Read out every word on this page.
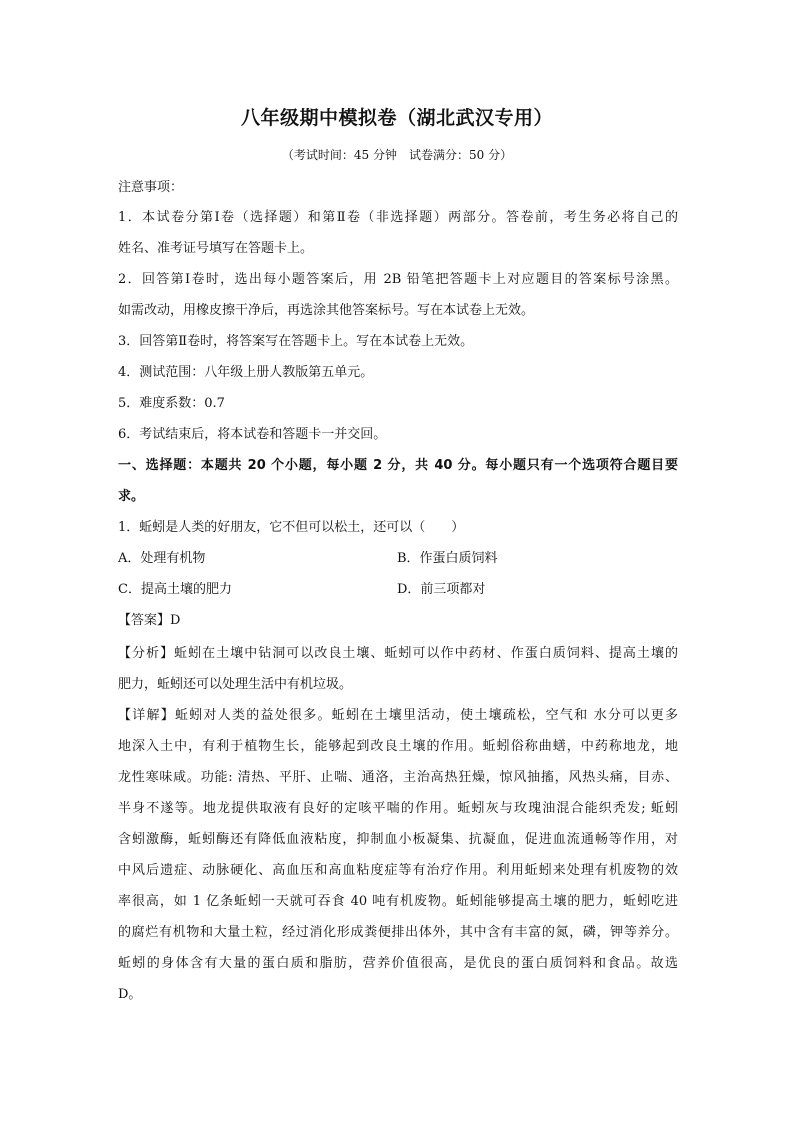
八年级期中模拟卷（湖北武汉专用）
（考试时间：45 分钟　试卷满分：50 分）
注意事项：
1．本试卷分第Ⅰ卷（选择题）和第Ⅱ卷（非选择题）两部分。答卷前，考生务必将自己的
姓名、准考证号填写在答题卡上。
2．回答第Ⅰ卷时，选出每小题答案后，用 2B 铅笔把答题卡上对应题目的答案标号涂黑。
如需改动，用橡皮擦干净后，再选涂其他答案标号。写在本试卷上无效。
3．回答第Ⅱ卷时，将答案写在答题卡上。写在本试卷上无效。
4．测试范围：八年级上册人教版第五单元。
5．难度系数：0.7
6．考试结束后，将本试卷和答题卡一并交回。
一、选择题：本题共 20 个小题，每小题 2 分，共 40 分。每小题只有一个选项符合题目要
求。
1．蚯蚓是人类的好朋友，它不但可以松土，还可以（　　）
A．处理有机物	B．作蛋白质饲料
C．提高土壤的肥力	D．前三项都对
【答案】D
【分析】蚯蚓在土壤中钻洞可以改良土壤、蚯蚓可以作中药材、作蛋白质饲料、提高土壤的
肥力，蚯蚓还可以处理生活中有机垃圾。
【详解】蚯蚓对人类的益处很多。蚯蚓在土壤里活动，使土壤疏松，空气和 水分可以更多
地深入土中，有利于植物生长，能够起到改良土壤的作用。蚯蚓俗称曲蟮，中药称地龙，地
龙性寒味咸。功能: 清热、平肝、止喘、通洛，主治高热狂燥，惊风抽搐，风热头痛，目赤、
半身不遂等。地龙提供取液有良好的定咳平喘的作用。蚯蚓灰与玫瑰油混合能织秃发; 蚯蚓
含蚓激酶，蚯蚓酶还有降低血液粘度，抑制血小板凝集、抗凝血，促进血流通畅等作用，对
中风后遗症、动脉硬化、高血压和高血粘度症等有治疗作用。利用蚯蚓来处理有机废物的效
率很高，如 1 亿条蚯蚓一天就可吞食 40 吨有机废物。蚯蚓能够提高土壤的肥力，蚯蚓吃进
的腐烂有机物和大量土粒，经过消化形成粪便排出体外，其中含有丰富的氮，磷，钾等养分。
蚯蚓的身体含有大量的蛋白质和脂肪，营养价值很高，是优良的蛋白质饲料和食品。故选
D。
